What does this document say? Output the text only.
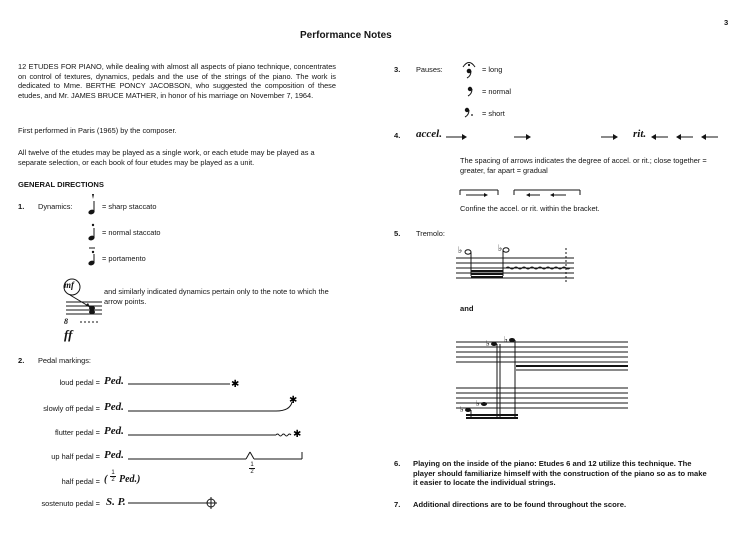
3
Performance Notes
12 ETUDES FOR PIANO, while dealing with almost all aspects of piano technique, concentrates on control of textures, dynamics, pedals and the use of the strings of the piano. The work is dedicated to Mme. BERTHE PONCY JACOBSON, who suggested the composition of these etudes, and Mr. JAMES BRUCE MATHER, in honor of his marriage on November 7, 1964.
First performed in Paris (1965) by the composer.
All twelve of the etudes may be played as a single work, or each etude may be played as a separate selection, or each book of four etudes may be played as a unit.
GENERAL DIRECTIONS
1. Dynamics:	= sharp staccato
= normal staccato
= portamento
mf
8
ff
and similarly indicated dynamics pertain only to the note to which the arrow points.
2. Pedal markings:
loud pedal = Ped.
slowly off pedal = Ped.
flutter pedal = Ped.
up half pedal = Ped.
half pedal = ( $\frac{1}{2} Ped$.)
sostenuto pedal = S. P.
✱
✱
✱
$\frac{1}{2}$
3. Pauses:	= long
= normal
= short
4. accel.	rit.
The spacing of arrows indicates the degree of accel. or rit.; close together = greater, far apart = gradual
Confine the accel. or rit. within the bracket.
5. Tremolo:
♭	♭
and
♭ ♭
♭
♭
6. Playing on the inside of the piano: Etudes 6 and 12 utilize this technique. The player should familiarize himself with the construction of the piano so as to make it easier to locate the individual strings.
7. Additional directions are to be found throughout the score.
